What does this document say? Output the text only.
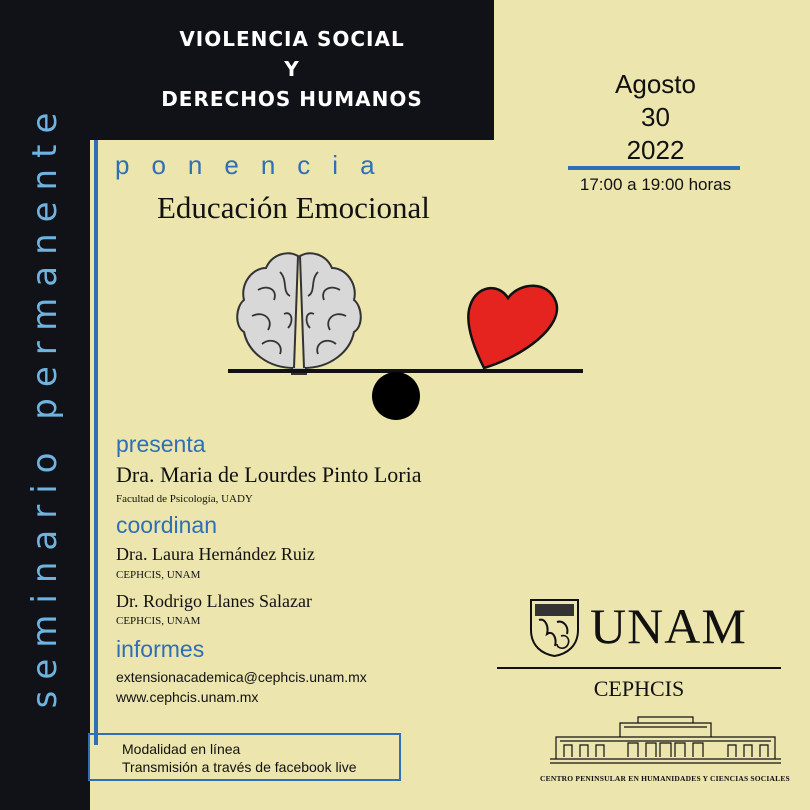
seminario permanente
VIOLENCIA SOCIAL
Y
DERECHOS HUMANOS
ponencia
Educación Emocional
Agosto
30
2022
17:00 a 19:00 horas
presenta
Dra. Maria de Lourdes Pinto Loria
Facultad de Psicología, UADY
coordinan
Dra. Laura Hernández Ruiz
CEPHCIS, UNAM
Dr. Rodrigo Llanes Salazar
CEPHCIS, UNAM
informes
extensionacademica@cephcis.unam.mx
www.cephcis.unam.mx
Modalidad en línea
Transmisión a través de facebook live
UNAM
CEPHCIS
CENTRO PENINSULAR EN HUMANIDADES Y CIENCIAS SOCIALES
